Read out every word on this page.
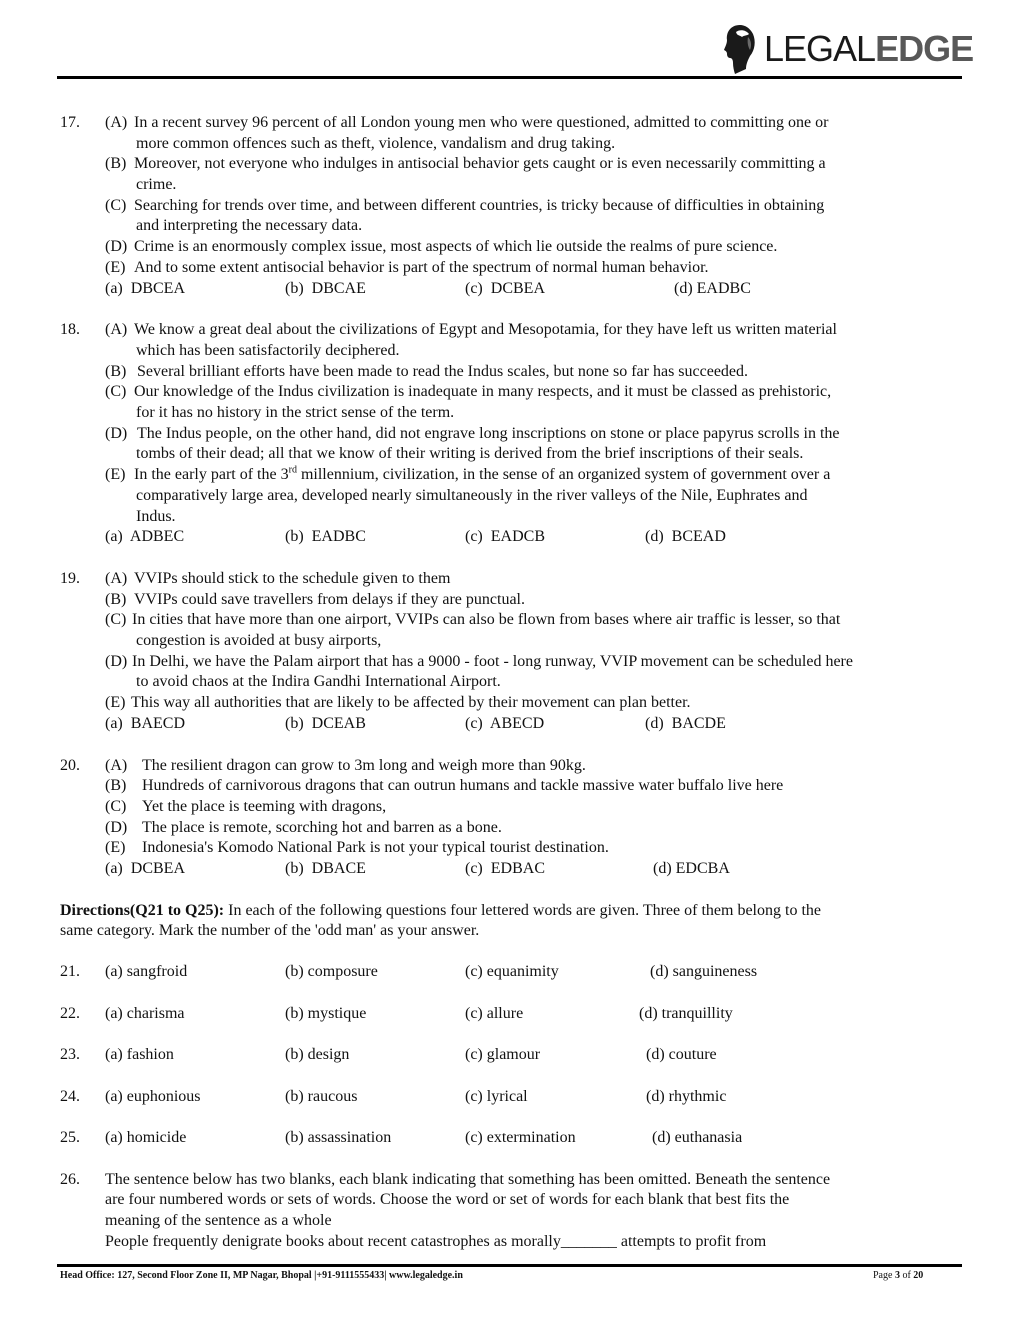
LEGALEDGE
17. (A) In a recent survey 96 percent of all London young men who were questioned, admitted to committing one or
more common offences such as theft, violence, vandalism and drug taking.
(B) Moreover, not everyone who indulges in antisocial behavior gets caught or is even necessarily committing a
crime.
(C) Searching for trends over time, and between different countries, is tricky because of difficulties in obtaining
and interpreting the necessary data.
(D) Crime is an enormously complex issue, most aspects of which lie outside the realms of pure science.
(E) And to some extent antisocial behavior is part of the spectrum of normal human behavior.
(a) DBCEA	(b) DBCAE	(c) DCBEA	(d) EADBC
18. (A) We know a great deal about the civilizations of Egypt and Mesopotamia, for they have left us written material
which has been satisfactorily deciphered.
(B) Several brilliant efforts have been made to read the Indus scales, but none so far has succeeded.
(C) Our knowledge of the Indus civilization is inadequate in many respects, and it must be classed as prehistoric,
for it has no history in the strict sense of the term.
(D) The Indus people, on the other hand, did not engrave long inscriptions on stone or place papyrus scrolls in the
tombs of their dead; all that we know of their writing is derived from the brief inscriptions of their seals.
(E) In the early part of the 3rd millennium, civilization, in the sense of an organized system of government over a
comparatively large area, developed nearly simultaneously in the river valleys of the Nile, Euphrates and
Indus.
(a) ADBEC	(b) EADBC	(c) EADCB	(d) BCEAD
19. (A) VVIPs should stick to the schedule given to them
(B) VVIPs could save travellers from delays if they are punctual.
(C) In cities that have more than one airport, VVIPs can also be flown from bases where air traffic is lesser, so that
congestion is avoided at busy airports,
(D) In Delhi, we have the Palam airport that has a 9000 - foot - long runway, VVIP movement can be scheduled here
to avoid chaos at the Indira Gandhi International Airport.
(E) This way all authorities that are likely to be affected by their movement can plan better.
(a) BAECD	(b) DCEAB	(c) ABECD	(d) BACDE
20. (A) The resilient dragon can grow to 3m long and weigh more than 90kg.
(B) Hundreds of carnivorous dragons that can outrun humans and tackle massive water buffalo live here
(C) Yet the place is teeming with dragons,
(D) The place is remote, scorching hot and barren as a bone.
(E) Indonesia's Komodo National Park is not your typical tourist destination.
(a) DCBEA	(b) DBACE	(c) EDBAC	(d) EDCBA
Directions(Q21 to Q25): In each of the following questions four lettered words are given. Three of them belong to the
same category. Mark the number of the 'odd man' as your answer.
21. (a) sangfroid	(b) composure	(c) equanimity	(d) sanguineness
22. (a) charisma	(b) mystique	(c) allure	(d) tranquillity
23. (a) fashion	(b) design	(c) glamour	(d) couture
24. (a) euphonious	(b) raucous	(c) lyrical	(d) rhythmic
25. (a) homicide	(b) assassination	(c) extermination	(d) euthanasia
26. The sentence below has two blanks, each blank indicating that something has been omitted. Beneath the sentence
are four numbered words or sets of words. Choose the word or set of words for each blank that best fits the
meaning of the sentence as a whole
People frequently denigrate books about recent catastrophes as morally_______ attempts to profit from
Head Office: 127, Second Floor Zone II, MP Nagar, Bhopal |+91-9111555433| www.legaledge.in	Page 3 of 20
